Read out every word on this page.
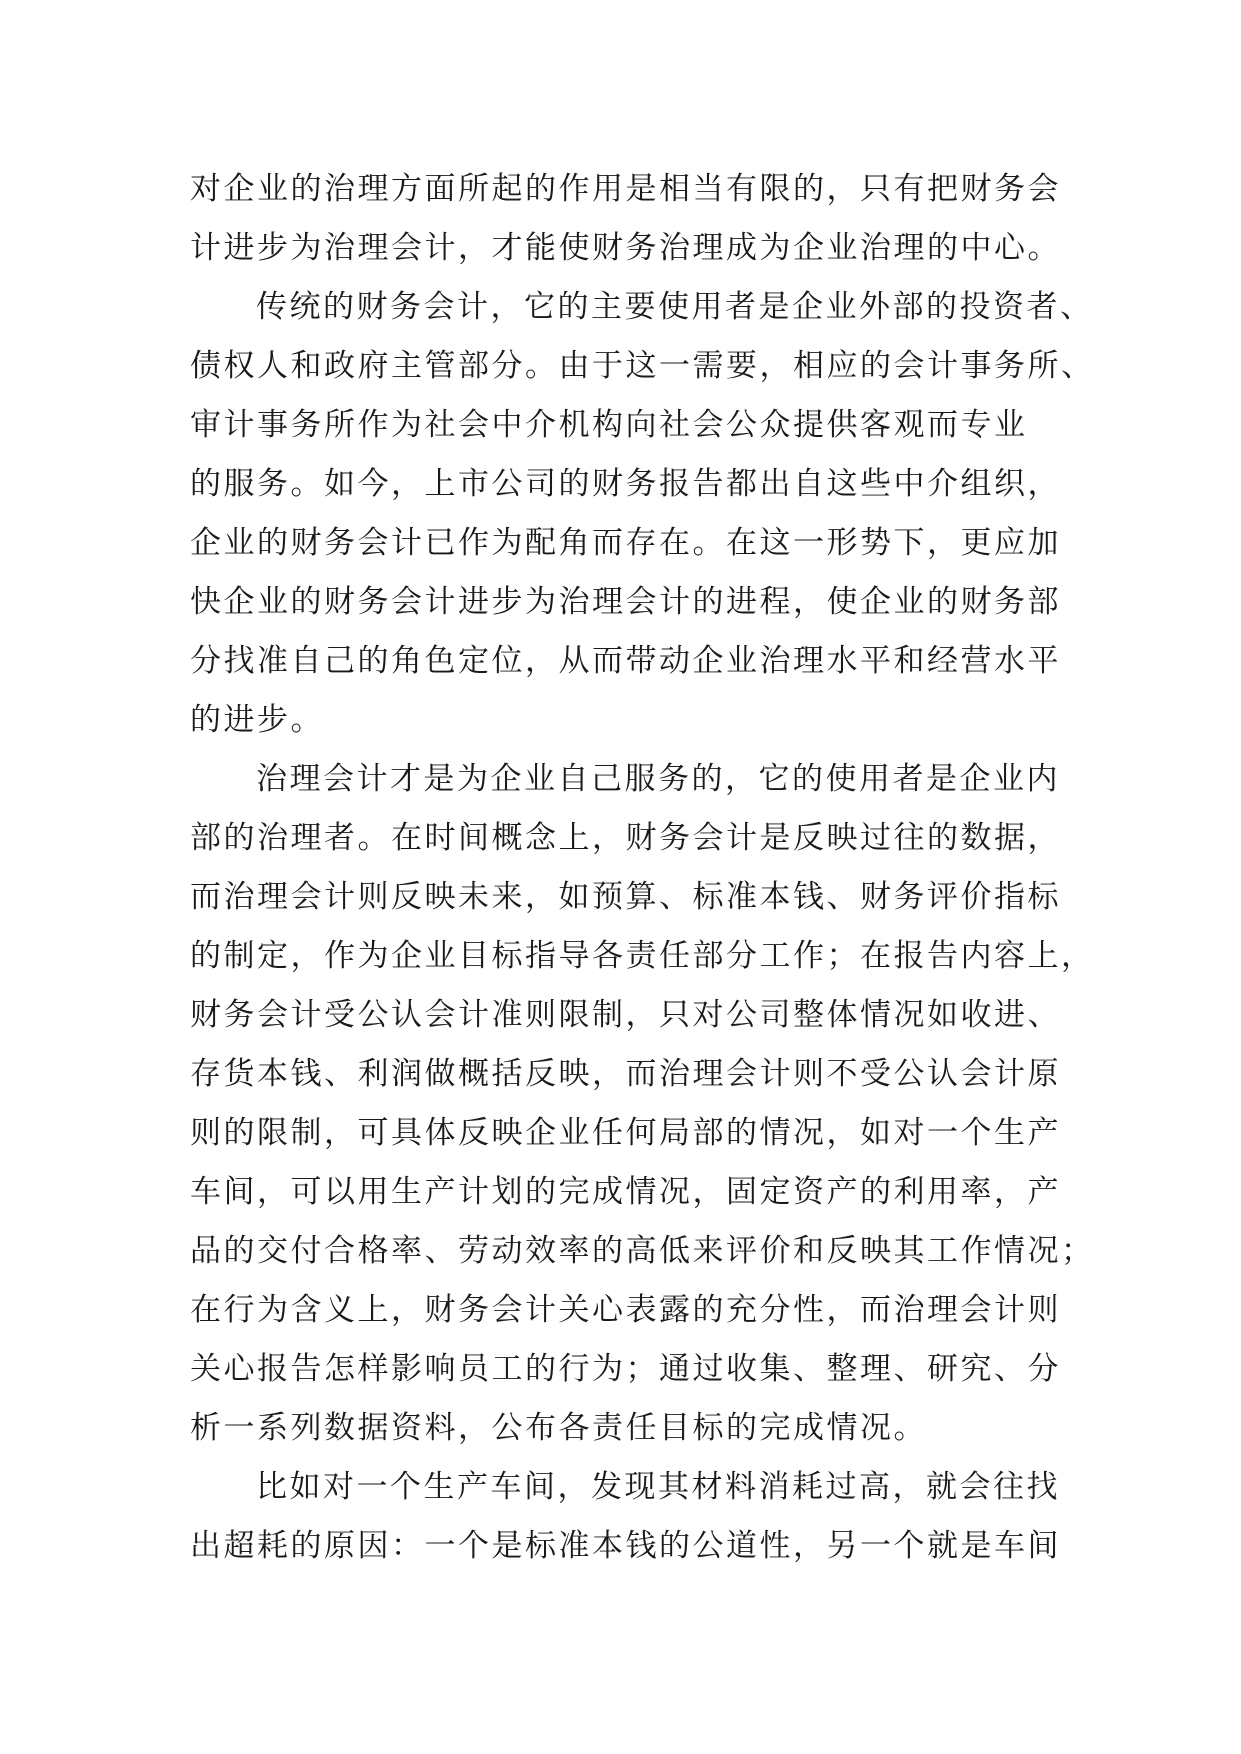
对企业的治理方面所起的作用是相当有限的，只有把财务会
计进步为治理会计，才能使财务治理成为企业治理的中心。
传统的财务会计，它的主要使用者是企业外部的投资者、
债权人和政府主管部分。由于这一需要，相应的会计事务所、
审计事务所作为社会中介机构向社会公众提供客观而专业
的服务。如今，上市公司的财务报告都出自这些中介组织，
企业的财务会计已作为配角而存在。在这一形势下，更应加
快企业的财务会计进步为治理会计的进程，使企业的财务部
分找准自己的角色定位，从而带动企业治理水平和经营水平
的进步。
治理会计才是为企业自己服务的，它的使用者是企业内
部的治理者。在时间概念上，财务会计是反映过往的数据，
而治理会计则反映未来，如预算、标准本钱、财务评价指标
的制定，作为企业目标指导各责任部分工作；在报告内容上，
财务会计受公认会计准则限制，只对公司整体情况如收进、
存货本钱、利润做概括反映，而治理会计则不受公认会计原
则的限制，可具体反映企业任何局部的情况，如对一个生产
车间，可以用生产计划的完成情况，固定资产的利用率，产
品的交付合格率、劳动效率的高低来评价和反映其工作情况；
在行为含义上，财务会计关心表露的充分性，而治理会计则
关心报告怎样影响员工的行为；通过收集、整理、研究、分
析一系列数据资料，公布各责任目标的完成情况。
比如对一个生产车间，发现其材料消耗过高，就会往找
出超耗的原因：一个是标准本钱的公道性，另一个就是车间
